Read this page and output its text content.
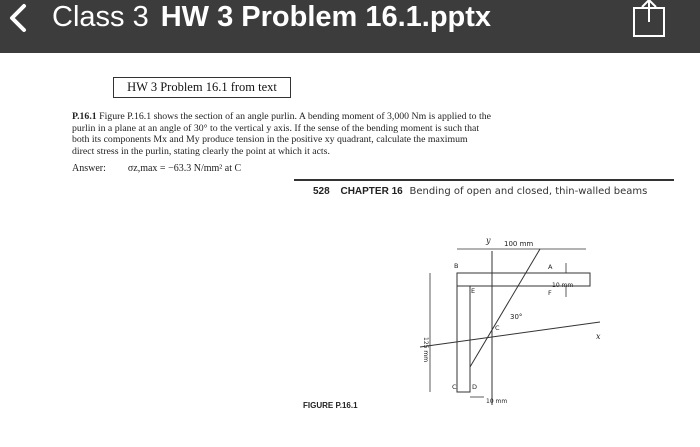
Class 3 HW 3 Problem 16.1.pptx
HW 3 Problem 16.1 from text
P.16.1 Figure P.16.1 shows the section of an angle purlin. A bending moment of 3,000 Nm is applied to the purlin in a plane at an angle of 30° to the vertical y axis. If the sense of the bending moment is such that both its components Mx and My produce tension in the positive xy quadrant, calculate the maximum direct stress in the purlin, stating clearly the point at which it acts.
Answer: σz,max = −63.3 N/mm² at C
528 CHAPTER 16 Bending of open and closed, thin-walled beams
FIGURE P.16.1
100 mm
10 mm
10 mm
125 mm
30°
x
y
A
B
C D
E	F
C
